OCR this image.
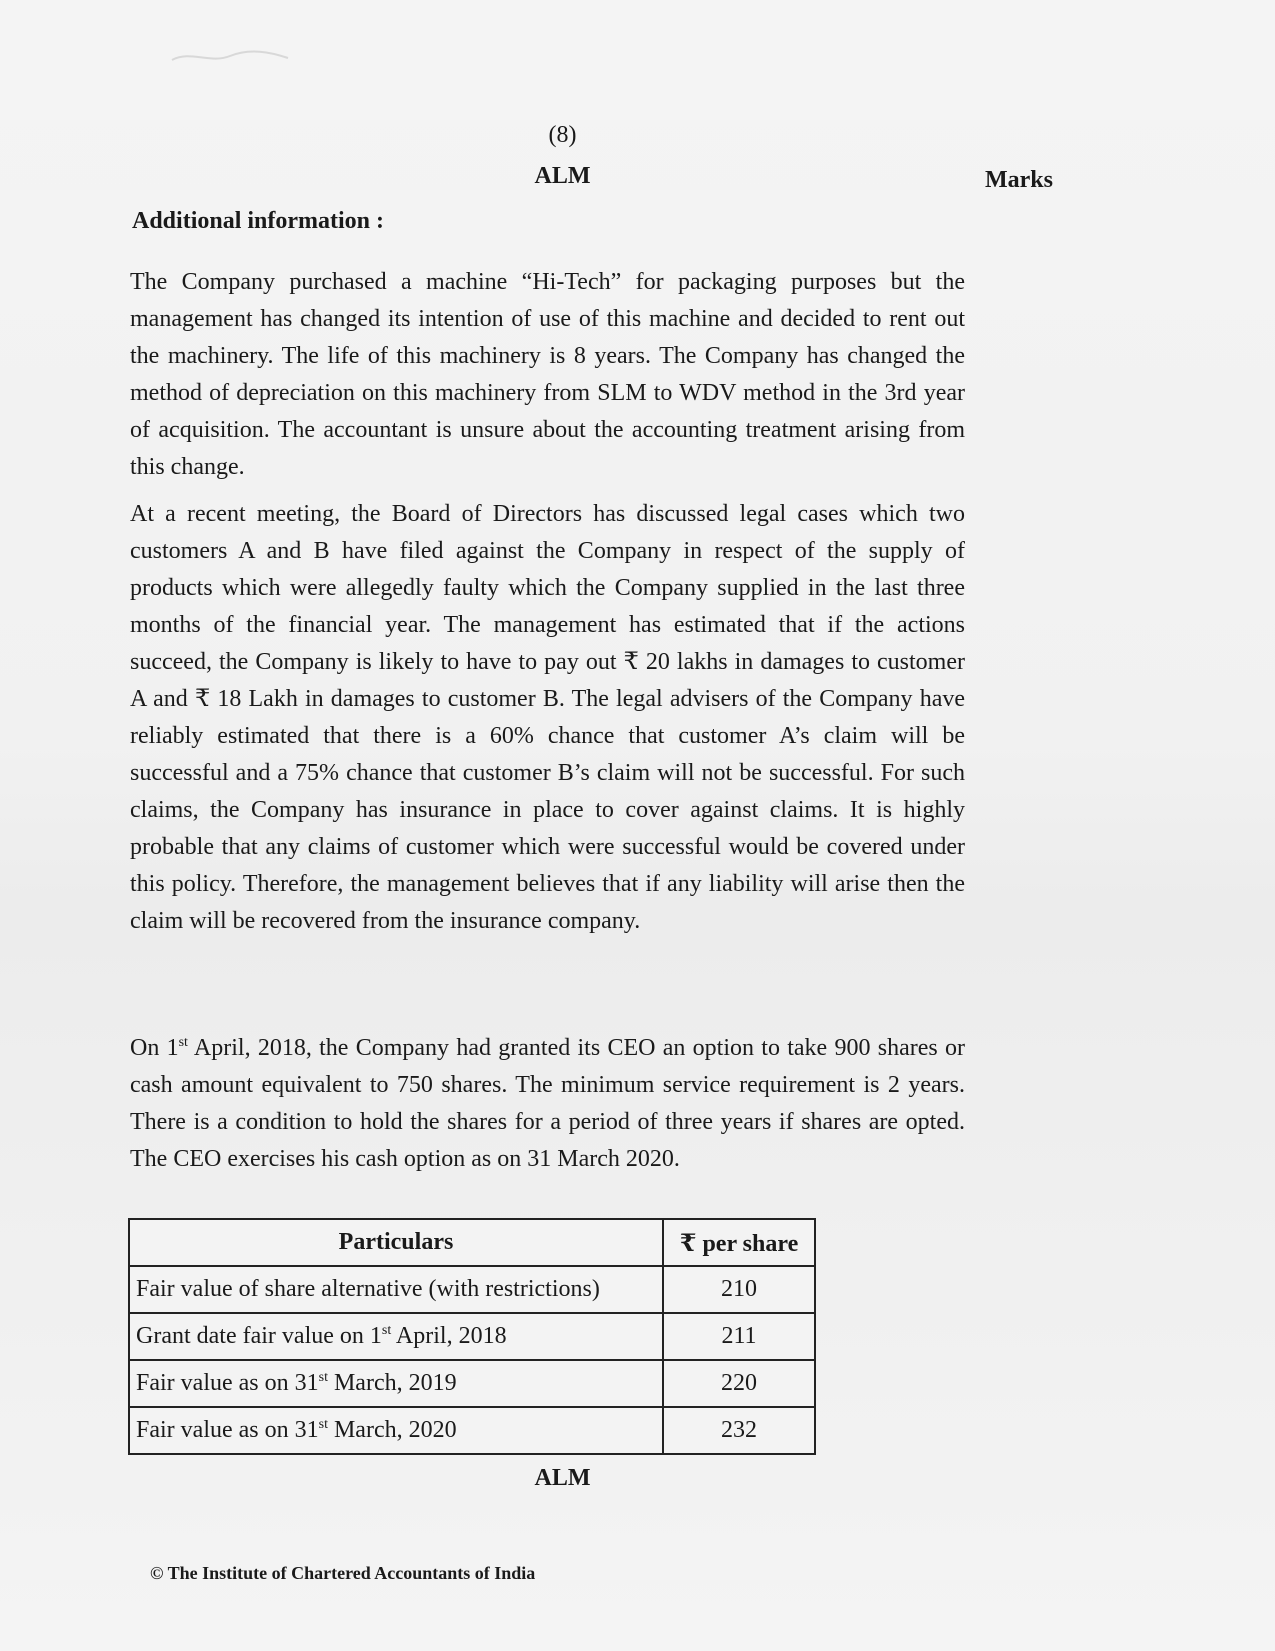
(8)
ALM	Marks
Additional information :

The Company purchased a machine “Hi-Tech” for packaging purposes but the management has changed its intention of use of this machine and decided to rent out the machinery. The life of this machinery is 8 years. The Company has changed the method of depreciation on this machinery from SLM to WDV method in the 3rd year of acquisition. The accountant is unsure about the accounting treatment arising from this change.

At a recent meeting, the Board of Directors has discussed legal cases which two customers A and B have filed against the Company in respect of the supply of products which were allegedly faulty which the Company supplied in the last three months of the financial year. The management has estimated that if the actions succeed, the Company is likely to have to pay out ₹ 20 lakhs in damages to customer A and ₹ 18 Lakh in damages to customer B. The legal advisers of the Company have reliably estimated that there is a 60% chance that customer A’s claim will be successful and a 75% chance that customer B’s claim will not be successful. For such claims, the Company has insurance in place to cover against claims. It is highly probable that any claims of customer which were successful would be covered under this policy. Therefore, the management believes that if any liability will arise then the claim will be recovered from the insurance company.

On 1st April, 2018, the Company had granted its CEO an option to take 900 shares or cash amount equivalent to 750 shares. The minimum service requirement is 2 years. There is a condition to hold the shares for a period of three years if shares are opted. The CEO exercises his cash option as on 31 March 2020.

Particulars	₹ per share
Fair value of share alternative (with restrictions)	210
Grant date fair value on 1st April, 2018	211
Fair value as on 31st March, 2019	220
Fair value as on 31st March, 2020	232
ALM
© The Institute of Chartered Accountants of India
